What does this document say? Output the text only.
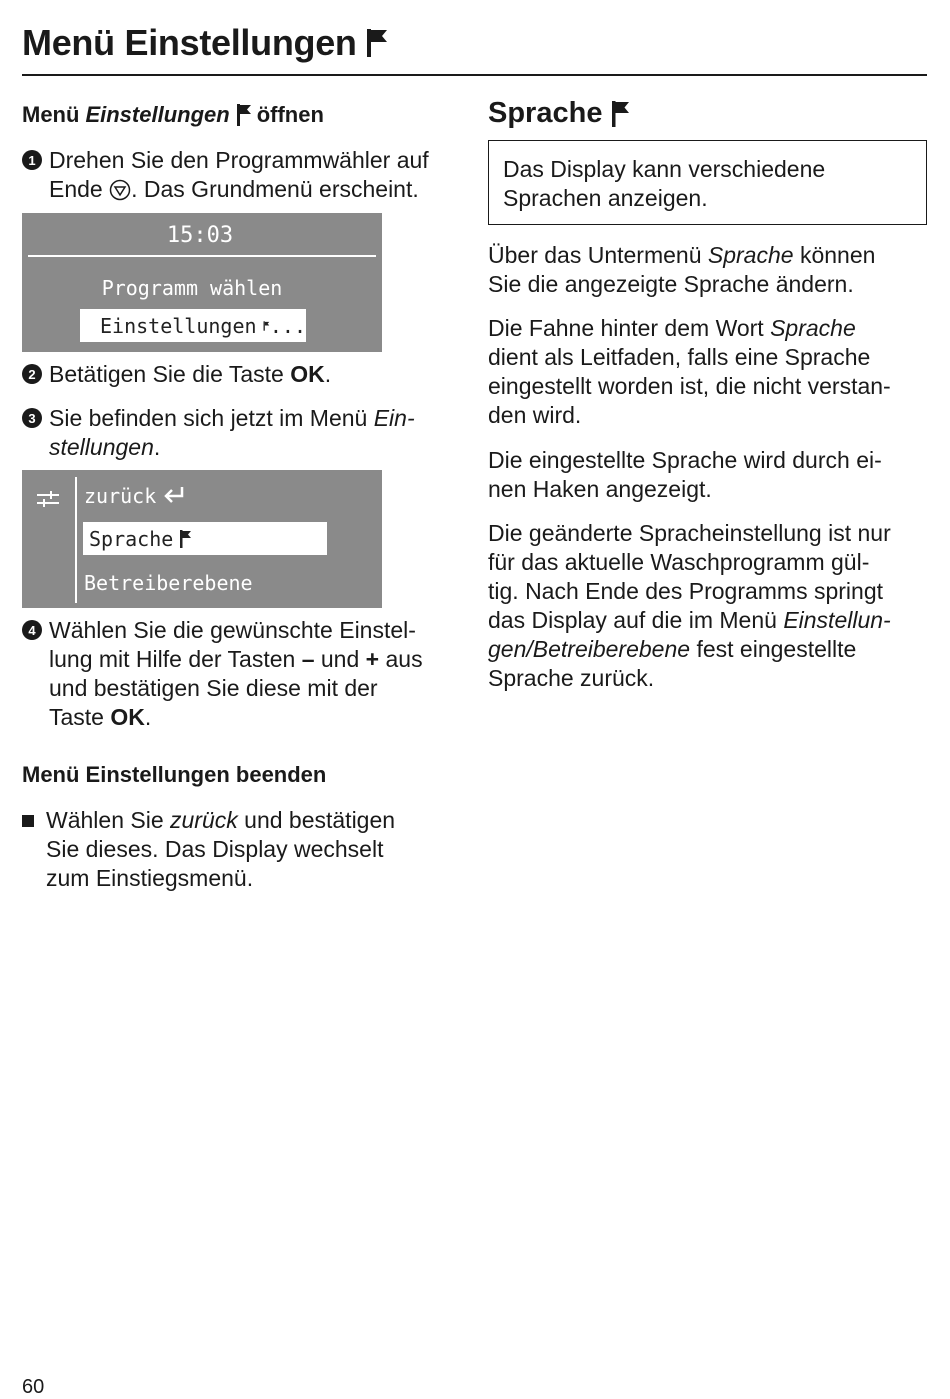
Menü Einstellungen
Menü Einstellungen öffnen
1 Drehen Sie den Programmwähler auf
Ende . Das Grundmenü erscheint.
15:03
Programm wählen
Einstellungen ...
2 Betätigen Sie die Taste OK.
3 Sie befinden sich jetzt im Menü Ein-
stellungen.
zurück
Sprache
Betreiberebene
4 Wählen Sie die gewünschte Einstel-
lung mit Hilfe der Tasten – und + aus
und bestätigen Sie diese mit der
Taste OK.
Menü Einstellungen beenden
Wählen Sie zurück und bestätigen
Sie dieses. Das Display wechselt
zum Einstiegsmenü.
Sprache
Das Display kann verschiedene
Sprachen anzeigen.
Über das Untermenü Sprache können
Sie die angezeigte Sprache ändern.
Die Fahne hinter dem Wort Sprache
dient als Leitfaden, falls eine Sprache
eingestellt worden ist, die nicht verstan-
den wird.
Die eingestellte Sprache wird durch ei-
nen Haken angezeigt.
Die geänderte Spracheinstellung ist nur
für das aktuelle Waschprogramm gül-
tig. Nach Ende des Programms springt
das Display auf die im Menü Einstellun-
gen/Betreiberebene fest eingestellte
Sprache zurück.
60
